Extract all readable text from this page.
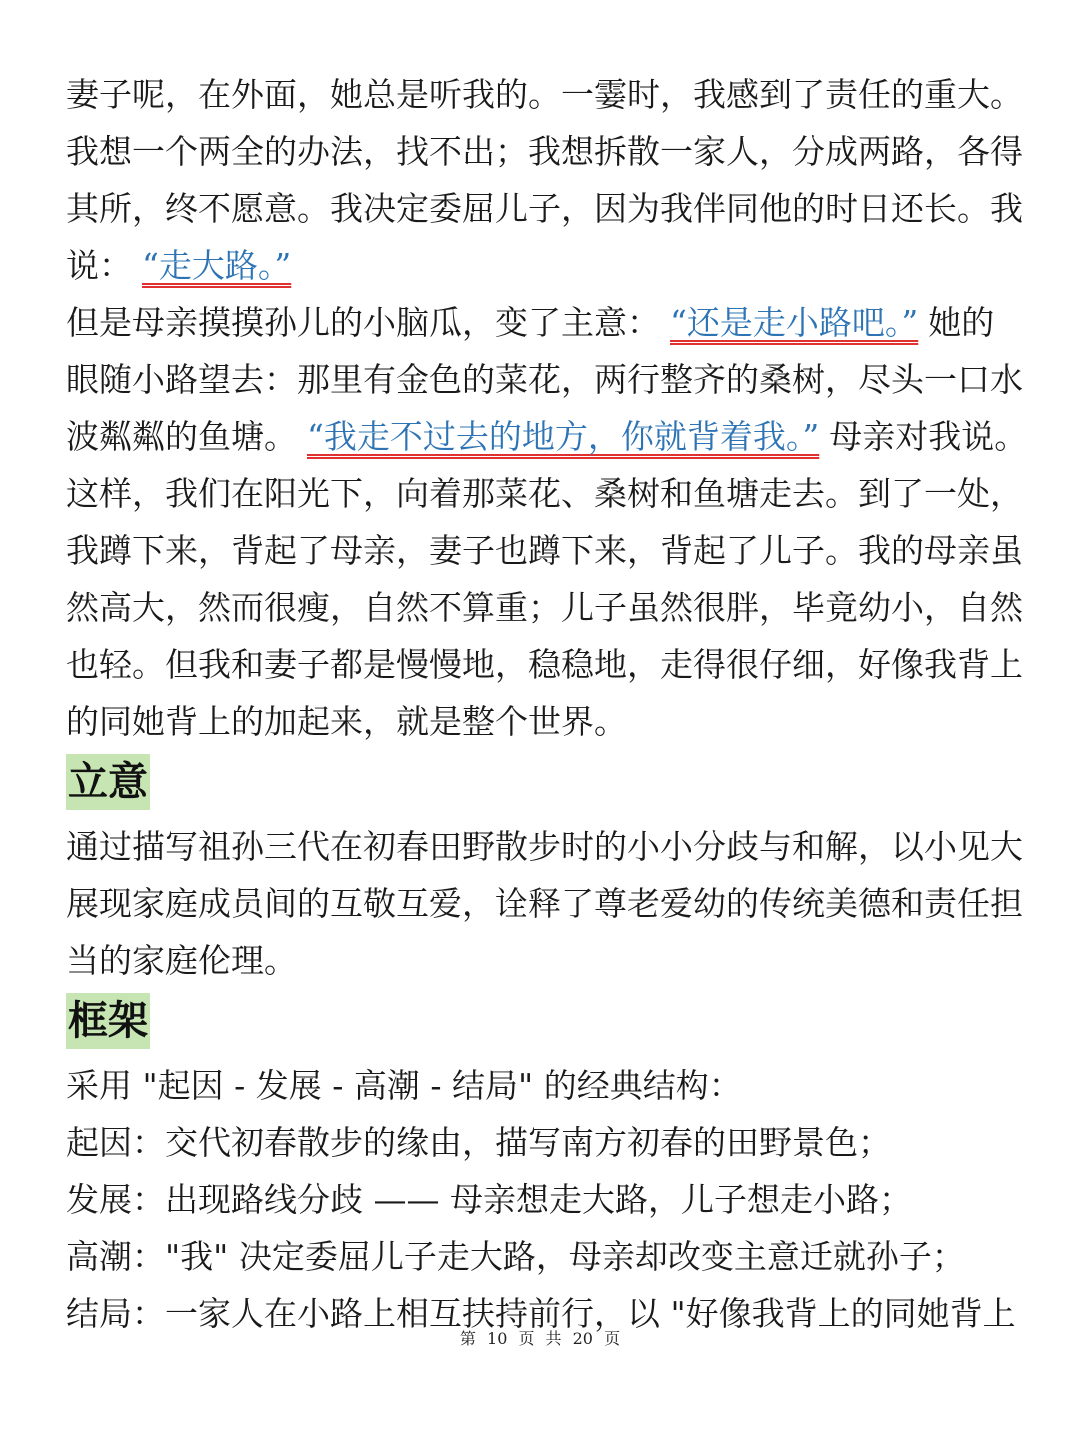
妻子呢，在外面，她总是听我的。一霎时，我感到了责任的重大。
我想一个两全的办法，找不出；我想拆散一家人，分成两路，各得
其所，终不愿意。我决定委屈儿子，因为我伴同他的时日还长。我
说： “走大路。”
但是母亲摸摸孙儿的小脑瓜，变了主意： “还是走小路吧。” 她的
眼随小路望去：那里有金色的菜花，两行整齐的桑树，尽头一口水
波粼粼的鱼塘。 “我走不过去的地方，你就背着我。” 母亲对我说。
这样，我们在阳光下，向着那菜花、桑树和鱼塘走去。到了一处，
我蹲下来，背起了母亲，妻子也蹲下来，背起了儿子。我的母亲虽
然高大，然而很瘦，自然不算重；儿子虽然很胖，毕竟幼小，自然
也轻。但我和妻子都是慢慢地，稳稳地，走得很仔细，好像我背上
的同她背上的加起来，就是整个世界。
立意
通过描写祖孙三代在初春田野散步时的小小分歧与和解，以小见大
展现家庭成员间的互敬互爱，诠释了尊老爱幼的传统美德和责任担
当的家庭伦理。
框架
采用 "起因 - 发展 - 高潮 - 结局" 的经典结构：
起因：交代初春散步的缘由，描写南方初春的田野景色；
发展：出现路线分歧 —— 母亲想走大路，儿子想走小路；
高潮："我" 决定委屈儿子走大路，母亲却改变主意迁就孙子；
结局：一家人在小路上相互扶持前行，以 "好像我背上的同她背上
第 10 页 共 20 页
